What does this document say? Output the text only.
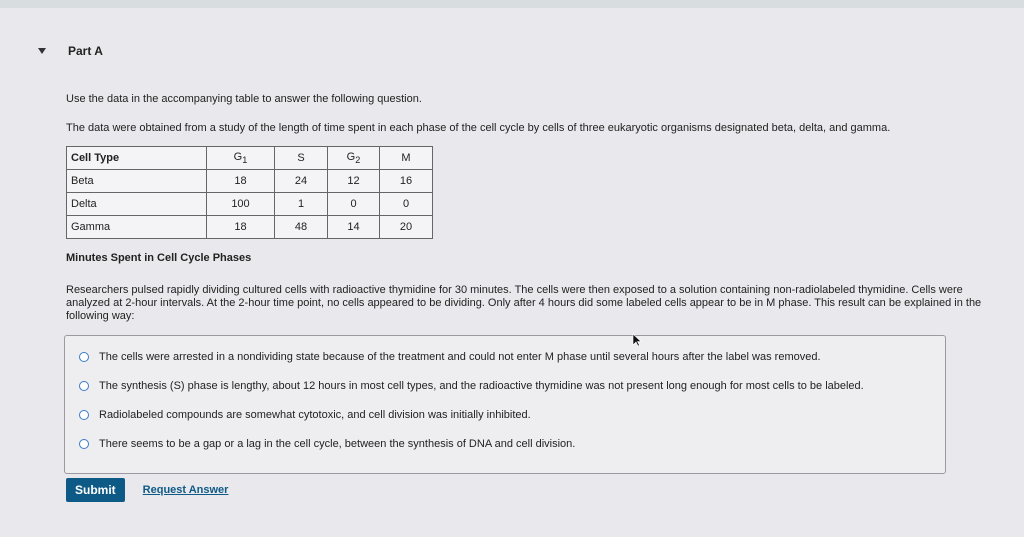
Part A
Use the data in the accompanying table to answer the following question.
The data were obtained from a study of the length of time spent in each phase of the cell cycle by cells of three eukaryotic organisms designated beta, delta, and gamma.
Cell Type	$G_1$	S	$G_2$	M
Beta	18	24	12	16
Delta	100	1	0	0
Gamma	18	48	14	20
Minutes Spent in Cell Cycle Phases
Researchers pulsed rapidly dividing cultured cells with radioactive thymidine for 30 minutes. The cells were then exposed to a solution containing non-radiolabeled thymidine. Cells were analyzed at 2-hour intervals. At the 2-hour time point, no cells appeared to be dividing. Only after 4 hours did some labeled cells appear to be in M phase. This result can be explained in the following way:
The cells were arrested in a nondividing state because of the treatment and could not enter M phase until several hours after the label was removed.
The synthesis (S) phase is lengthy, about 12 hours in most cell types, and the radioactive thymidine was not present long enough for most cells to be labeled.
Radiolabeled compounds are somewhat cytotoxic, and cell division was initially inhibited.
There seems to be a gap or a lag in the cell cycle, between the synthesis of DNA and cell division.
Submit	Request Answer
